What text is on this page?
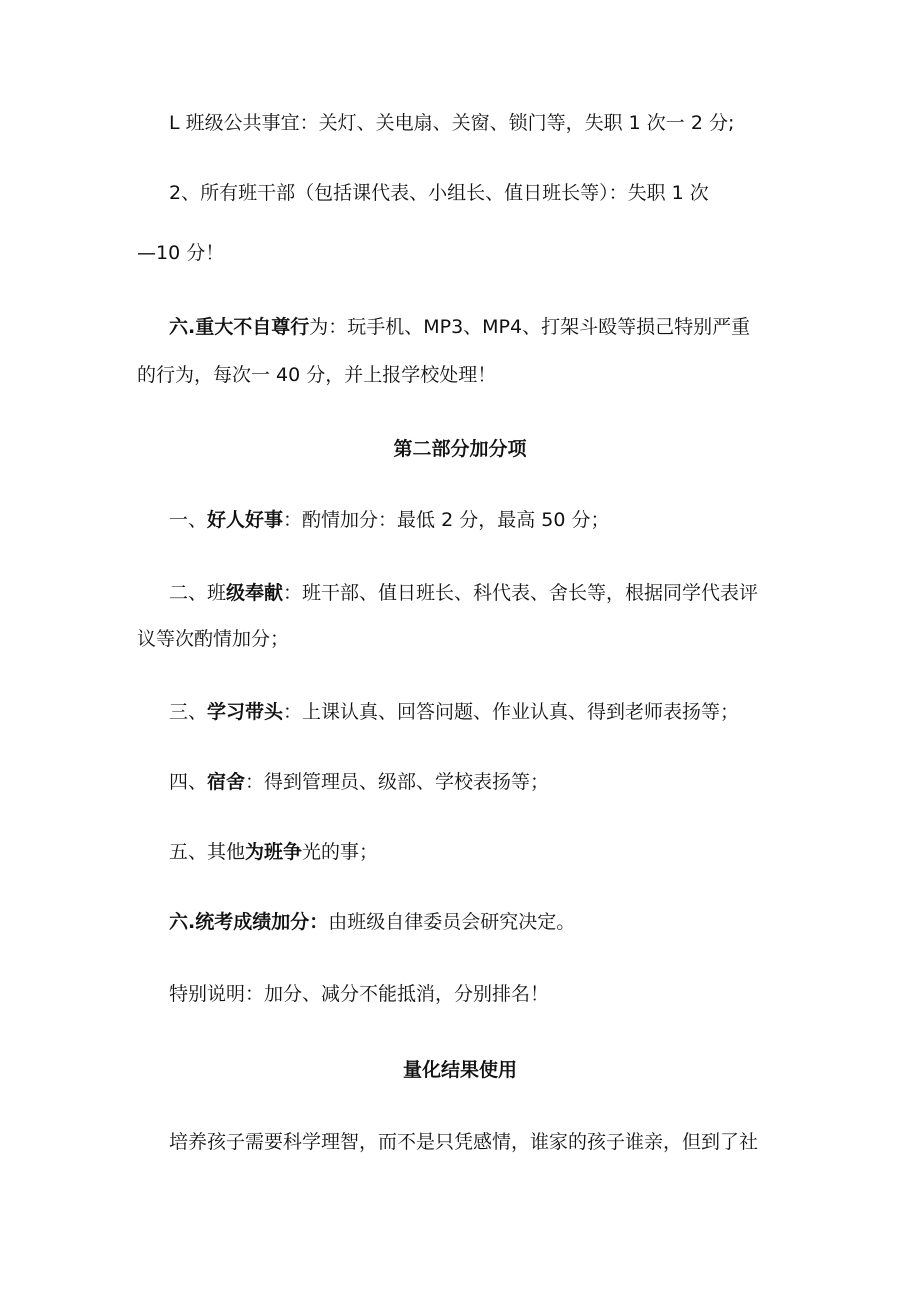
L 班级公共事宜：关灯、关电扇、关窗、锁门等，失职 1 次一 2 分;
2、所有班干部（包括课代表、小组长、值日班长等）：失职 1 次
—10 分！
六.重大不自尊行为：玩手机、MP3、MP4、打架斗殴等损己特别严重
的行为，每次一 40 分，并上报学校处理！
第二部分加分项
一、好人好事：酌情加分：最低 2 分，最高 50 分；
二、班级奉献：班干部、值日班长、科代表、舍长等，根据同学代表评
议等次酌情加分；
三、学习带头：上课认真、回答问题、作业认真、得到老师表扬等；
四、宿舍：得到管理员、级部、学校表扬等；
五、其他为班争光的事；
六.统考成绩加分：由班级自律委员会研究决定。
特别说明：加分、减分不能抵消，分别排名！
量化结果使用
培养孩子需要科学理智，而不是只凭感情，谁家的孩子谁亲，但到了社
